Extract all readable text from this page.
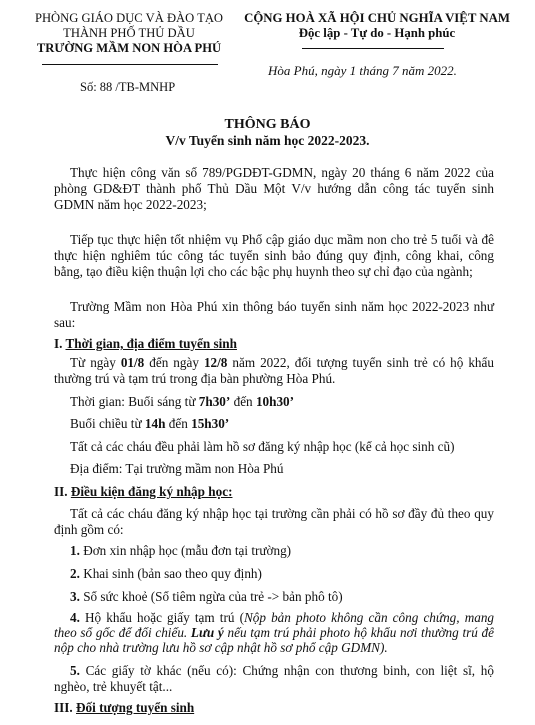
PHÒNG GIÁO DỤC VÀ ĐÀO TẠO
THÀNH PHỐ THỦ DẦU
TRƯỜNG MẦM NON HÒA PHÚ
Số: 88 /TB-MNHP
CỘNG HOÀ XÃ HỘI CHỦ NGHĨA VIỆT NAM
Độc lập - Tự do - Hạnh phúc
Hòa Phú, ngày 1 tháng 7 năm 2022.
THÔNG BÁO
V/v Tuyển sinh năm học 2022-2023.
Thực hiện công văn số 789/PGDĐT-GDMN, ngày 20 tháng 6 năm 2022 của phòng GD&ĐT thành phố Thủ Dầu Một V/v hướng dẫn công tác tuyển sinh GDMN năm học 2022-2023;
Tiếp tục thực hiện tốt nhiệm vụ Phổ cập giáo dục mầm non cho trẻ 5 tuổi và đê thực hiện nghiêm túc công tác tuyển sinh bảo đúng quy định, công khai, công bằng, tạo điều kiện thuận lợi cho các bậc phụ huynh theo sự chỉ đạo của ngành;
Trường Mầm non Hòa Phú xin thông báo tuyển sinh năm học 2022-2023 như sau:
I. Thời gian, địa điểm tuyển sinh
Từ ngày 01/8 đến ngày 12/8 năm 2022, đối tượng tuyển sinh trẻ có hộ khẩu thường trú và tạm trú trong địa bàn phường Hòa Phú.
Thời gian: Buổi sáng từ 7h30’ đến 10h30’
Buổi chiều từ 14h đến 15h30’
Tất cả các cháu đều phải làm hồ sơ đăng ký nhập học (kể cả học sinh cũ)
Địa điểm: Tại trường mầm non Hòa Phú
II. Điều kiện đăng ký nhập học:
Tất cả các cháu đăng ký nhập học tại trường cần phải có hồ sơ đầy đủ theo quy định gồm có:
1. Đơn xin nhập học (mẫu đơn tại trường)
2. Khai sinh (bản sao theo quy định)
3. Sổ sức khoẻ (Sổ tiêm ngừa của trẻ -> bản phô tô)
4. Hộ khẩu hoặc giấy tạm trú (Nộp bản photo không cần công chứng, mang theo sổ gốc để đối chiếu. Lưu ý nếu tạm trú phải photo hộ khẩu nơi thường trú đê nộp cho nhà trường lưu hồ sơ cập nhật hồ sơ phổ cập GDMN).
5. Các giấy tờ khác (nếu có): Chứng nhận con thương binh, con liệt sĩ, hộ nghèo, trẻ khuyết tật...
III. Đối tượng tuyển sinh
